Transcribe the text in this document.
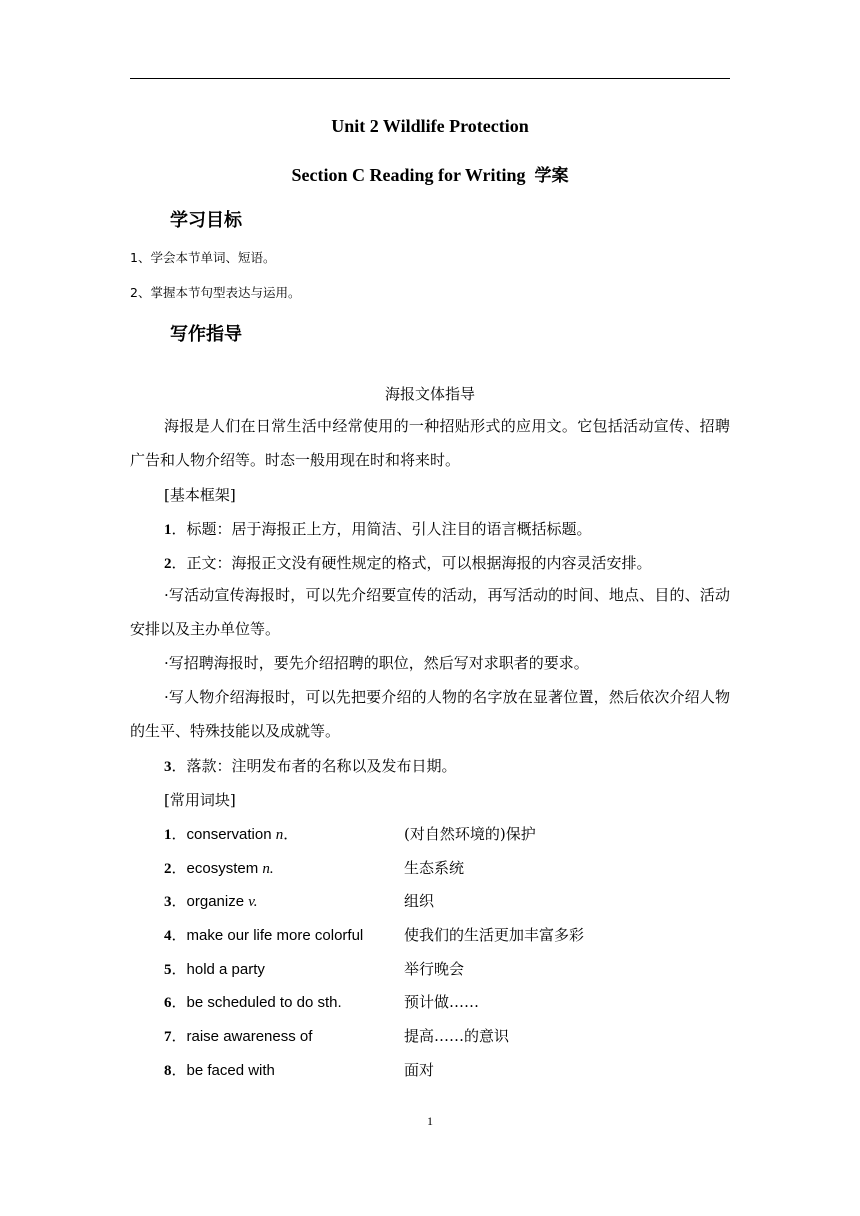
Unit 2 Wildlife Protection
Section C Reading for Writing 学案
学习目标
1、学会本节单词、短语。
2、掌握本节句型表达与运用。
写作指导
海报文体指导

海报是人们在日常生活中经常使用的一种招贴形式的应用文。它包括活动宣传、招聘广告和人物介绍等。时态一般用现在时和将来时。

[基本框架]
1．标题：居于海报正上方，用简洁、引人注目的语言概括标题。
2．正文：海报正文没有硬性规定的格式，可以根据海报的内容灵活安排。

·写活动宣传海报时，可以先介绍要宣传的活动，再写活动的时间、地点、目的、活动安排以及主办单位等。

·写招聘海报时，要先介绍招聘的职位，然后写对求职者的要求。

·写人物介绍海报时，可以先把要介绍的人物的名字放在显著位置，然后依次介绍人物的生平、特殊技能以及成就等。

3．落款：注明发布者的名称以及发布日期。
[常用词块]
1．conservation n．	(对自然环境的)保护
2．ecosystem n.	生态系统
3．organize v.	组织
4．make our life more colorful	使我们的生活更加丰富多彩
5．hold a party	举行晚会
6．be scheduled to do sth.	预计做……
7．raise awareness of	提高……的意识
8．be faced with	面对
1
